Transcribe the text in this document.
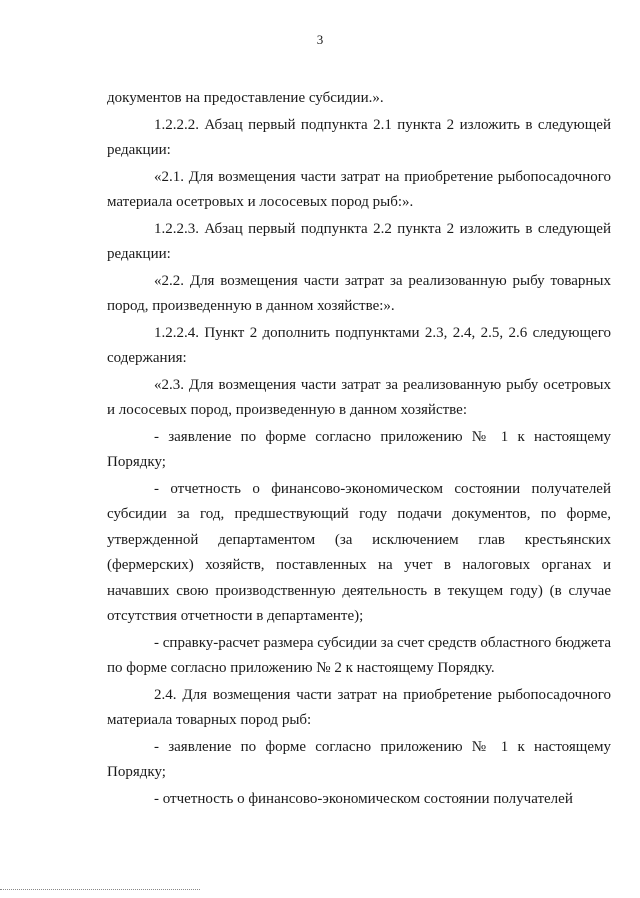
3

документов на предоставление субсидии.».

1.2.2.2. Абзац первый подпункта 2.1 пункта 2 изложить в следующей редакции:

«2.1. Для возмещения части затрат на приобретение рыбопосадочного материала осетровых и лососевых пород рыб:».

1.2.2.3. Абзац первый подпункта 2.2 пункта 2 изложить в следующей редакции:

«2.2. Для возмещения части затрат за реализованную рыбу товарных пород, произведенную в данном хозяйстве:».

1.2.2.4. Пункт 2 дополнить подпунктами 2.3, 2.4, 2.5, 2.6 следующего содержания:

«2.3. Для возмещения части затрат за реализованную рыбу осетровых и лососевых пород, произведенную в данном хозяйстве:

- заявление по форме согласно приложению № 1 к настоящему Порядку;

- отчетность о финансово-экономическом состоянии получателей субсидии за год, предшествующий году подачи документов, по форме, утвержденной департаментом (за исключением глав крестьянских (фермерских) хозяйств, поставленных на учет в налоговых органах и начавших свою производственную деятельность в текущем году) (в случае отсутствия отчетности в департаменте);

- справку-расчет размера субсидии за счет средств областного бюджета по форме согласно приложению № 2 к настоящему Порядку.

2.4. Для возмещения части затрат на приобретение рыбопосадочного материала товарных пород рыб:

- заявление по форме согласно приложению № 1 к настоящему Порядку;

- отчетность о финансово-экономическом состоянии получателей
